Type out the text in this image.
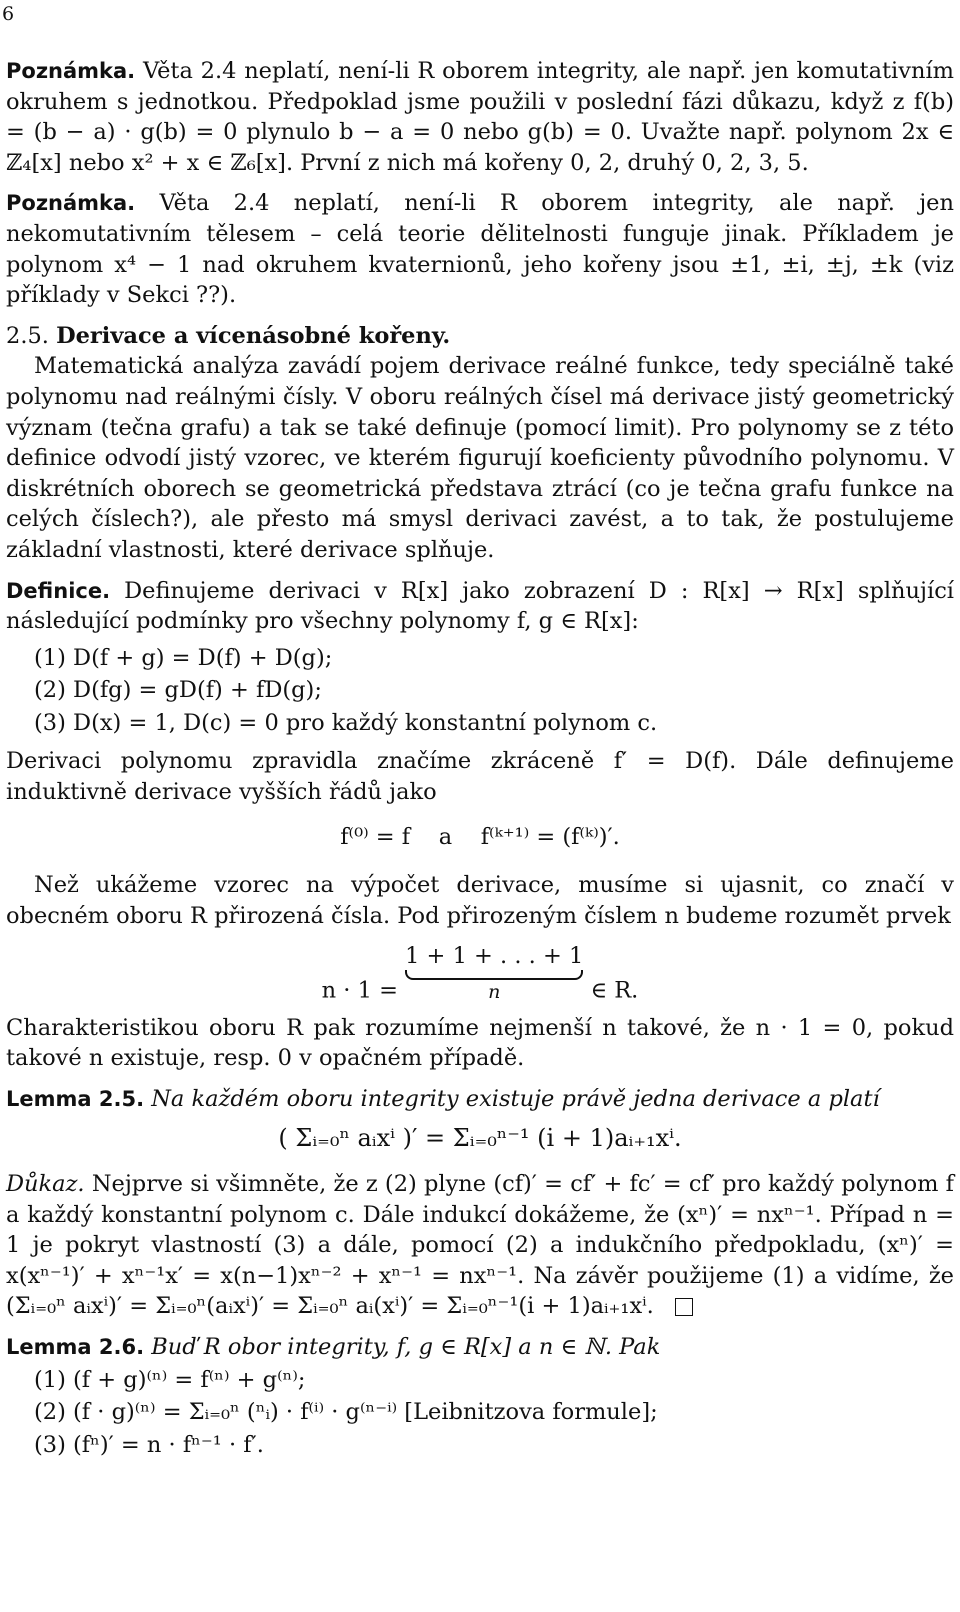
6

Poznámka. Věta 2.4 neplatí, není-li R oborem integrity, ale např. jen komutativním okruhem s jednotkou. Předpoklad jsme použili v poslední fázi důkazu, když z f(b) = (b − a) · g(b) = 0 plynulo b − a = 0 nebo g(b) = 0. Uvažte např. polynom 2x ∈ ℤ₄[x] nebo x² + x ∈ ℤ₆[x]. První z nich má kořeny 0, 2, druhý 0, 2, 3, 5.

Poznámka. Věta 2.4 neplatí, není-li R oborem integrity, ale např. jen nekomutativním tělesem – celá teorie dělitelnosti funguje jinak. Příkladem je polynom x⁴ − 1 nad okruhem kvaternionů, jeho kořeny jsou ±1, ±i, ±j, ±k (viz příklady v Sekci ??).

2.5. Derivace a vícenásobné kořeny.

Matematická analýza zavádí pojem derivace reálné funkce, tedy speciálně také polynomu nad reálnými čísly. V oboru reálných čísel má derivace jistý geometrický význam (tečna grafu) a tak se také definuje (pomocí limit). Pro polynomy se z této definice odvodí jistý vzorec, ve kterém figurují koeficienty původního polynomu. V diskrétních oborech se geometrická představa ztrácí (co je tečna grafu funkce na celých číslech?), ale přesto má smysl derivaci zavést, a to tak, že postulujeme základní vlastnosti, které derivace splňuje.

Definice. Definujeme derivaci v R[x] jako zobrazení D : R[x] → R[x] splňující následující podmínky pro všechny polynomy f, g ∈ R[x]:

(1) D(f + g) = D(f) + D(g);
(2) D(fg) = gD(f) + fD(g);
(3) D(x) = 1, D(c) = 0 pro každý konstantní polynom c.

Derivaci polynomu zpravidla značíme zkráceně f′ = D(f). Dále definujeme induktivně derivace vyšších řádů jako

f⁽⁰⁾ = f    a    f⁽ᵏ⁺¹⁾ = (f⁽ᵏ⁾)′.

Než ukážeme vzorec na výpočet derivace, musíme si ujasnit, co značí v obecném oboru R přirozená čísla. Pod přirozeným číslem n budeme rozumět prvek

n · 1 = 1 + 1 + . . . + 1
n	∈ R.

Charakteristikou oboru R pak rozumíme nejmenší n takové, že n · 1 = 0, pokud takové n existuje, resp. 0 v opačném případě.

Lemma 2.5. Na každém oboru integrity existuje právě jedna derivace a platí

( Σᵢ₌₀ⁿ aᵢxⁱ )′ = Σᵢ₌₀ⁿ⁻¹ (i + 1)aᵢ₊₁xⁱ.

Důkaz. Nejprve si všimněte, že z (2) plyne (cf)′ = cf′ + fc′ = cf′ pro každý polynom f a každý konstantní polynom c. Dále indukcí dokážeme, že (xⁿ)′ = nxⁿ⁻¹. Případ n = 1 je pokryt vlastností (3) a dále, pomocí (2) a indukčního předpokladu, (xⁿ)′ = x(xⁿ⁻¹)′ + xⁿ⁻¹x′ = x(n−1)xⁿ⁻² + xⁿ⁻¹ = nxⁿ⁻¹. Na závěr použijeme (1) a vidíme, že (Σᵢ₌₀ⁿ aᵢxⁱ)′ = Σᵢ₌₀ⁿ(aᵢxⁱ)′ = Σᵢ₌₀ⁿ aᵢ(xⁱ)′ = Σᵢ₌₀ⁿ⁻¹(i + 1)aᵢ₊₁xⁱ.

Lemma 2.6. Buď R obor integrity, f, g ∈ R[x] a n ∈ ℕ. Pak

(1) (f + g)⁽ⁿ⁾ = f⁽ⁿ⁾ + g⁽ⁿ⁾;
(2) (f · g)⁽ⁿ⁾ = Σᵢ₌₀ⁿ (ⁿᵢ) · f⁽ⁱ⁾ · g⁽ⁿ⁻ⁱ⁾ [Leibnitzova formule];
(3) (fⁿ)′ = n · fⁿ⁻¹ · f′.
